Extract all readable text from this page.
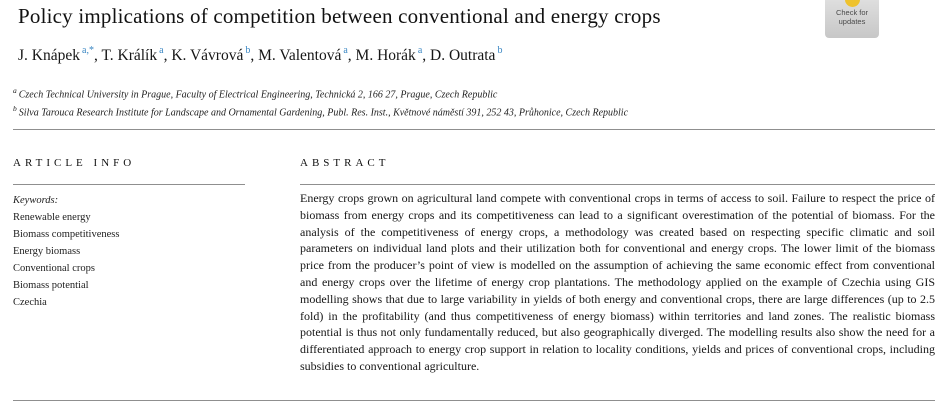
Policy implications of competition between conventional and energy crops	Check for
updates
J. Knápek $^{a,*}$ , T. Králík $^a$ , K. Vávrová $^b$ , M. Valentová $^a$ , M. Horák $^a$ , D. Outrata $^b$
$^a$ Czech Technical University in Prague, Faculty of Electrical Engineering, Technická 2, 166 27, Prague, Czech Republic
$^b$ Silva Tarouca Research Institute for Landscape and Ornamental Gardening, Publ. Res. Inst., Květnové náměstí 391, 252 43, Průhonice, Czech Republic
ARTICLE INFO	ABSTRACT
Keywords:
Renewable energy
Biomass competitiveness
Energy biomass
Conventional crops
Biomass potential
Czechia
Energy crops grown on agricultural land compete with conventional crops in terms of access to soil. Failure to respect the price of biomass from energy crops and its competitiveness can lead to a significant overestimation of the potential of biomass. For the analysis of the competitiveness of energy crops, a methodology was created based on respecting specific climatic and soil parameters on individual land plots and their utilization both for conventional and energy crops. The lower limit of the biomass price from the producer’s point of view is modelled on the assumption of achieving the same economic effect from conventional and energy crops over the lifetime of energy crop plantations. The methodology applied on the example of Czechia using GIS modelling shows that due to large variability in yields of both energy and conventional crops, there are large differences (up to 2.5 fold) in the profitability (and thus competitiveness of energy biomass) within territories and land zones. The realistic biomass potential is thus not only fundamentally reduced, but also geographically diverged. The modelling results also show the need for a differentiated approach to energy crop support in relation to locality conditions, yields and prices of conventional crops, including subsidies to conventional agriculture.
